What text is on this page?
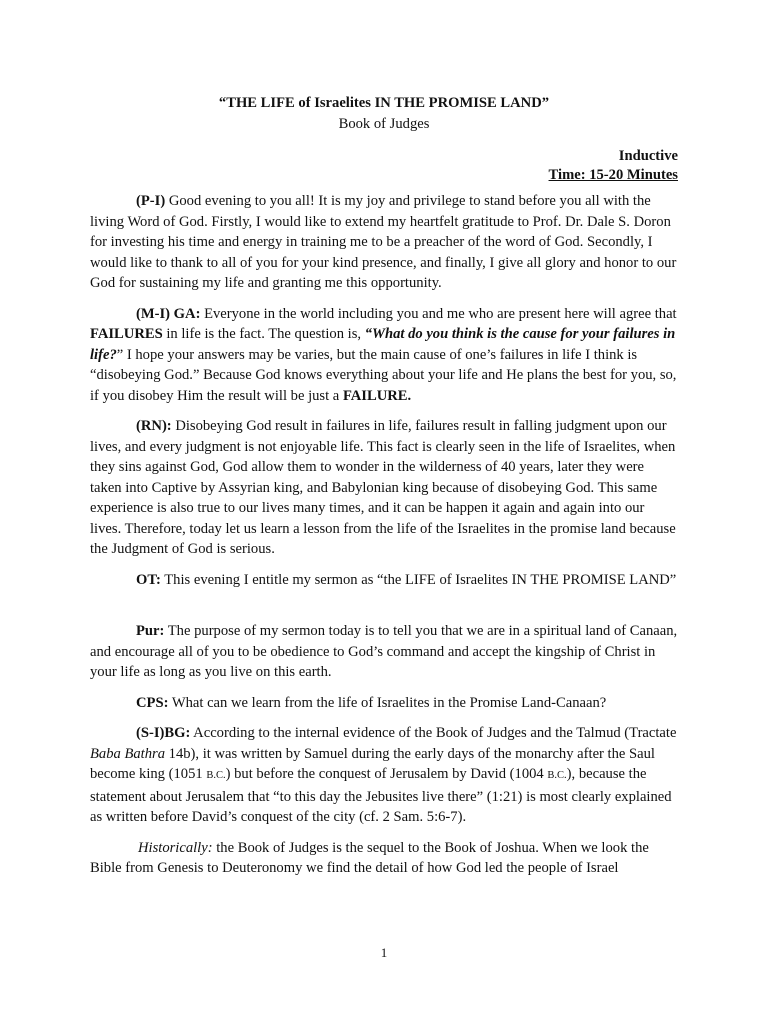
“THE LIFE of Israelites IN THE PROMISE LAND”
Book of Judges
Inductive
Time: 15-20 Minutes

(P-I) Good evening to you all! It is my joy and privilege to stand before you all with the living Word of God. Firstly, I would like to extend my heartfelt gratitude to Prof. Dr. Dale S. Doron for investing his time and energy in training me to be a preacher of the word of God. Secondly, I would like to thank to all of you for your kind presence, and finally, I give all glory and honor to our God for sustaining my life and granting me this opportunity.

(M-I) GA: Everyone in the world including you and me who are present here will agree that FAILURES in life is the fact. The question is, “What do you think is the cause for your failures in life?” I hope your answers may be varies, but the main cause of one’s failures in life I think is “disobeying God.” Because God knows everything about your life and He plans the best for you, so, if you disobey Him the result will be just a FAILURE.

(RN): Disobeying God result in failures in life, failures result in falling judgment upon our lives, and every judgment is not enjoyable life. This fact is clearly seen in the life of Israelites, when they sins against God, God allow them to wonder in the wilderness of 40 years, later they were taken into Captive by Assyrian king, and Babylonian king because of disobeying God. This same experience is also true to our lives many times, and it can be happen it again and again into our lives. Therefore, today let us learn a lesson from the life of the Israelites in the promise land because the Judgment of God is serious.

OT: This evening I entitle my sermon as “the LIFE of Israelites IN THE PROMISE LAND”

Pur: The purpose of my sermon today is to tell you that we are in a spiritual land of Canaan, and encourage all of you to be obedience to God’s command and accept the kingship of Christ in your life as long as you live on this earth.

CPS: What can we learn from the life of Israelites in the Promise Land-Canaan?

(S-I)BG: According to the internal evidence of the Book of Judges and the Talmud (Tractate Baba Bathra 14b), it was written by Samuel during the early days of the monarchy after the Saul become king (1051 B.C.) but before the conquest of Jerusalem by David (1004 B.C.), because the statement about Jerusalem that “to this day the Jebusites live there” (1:21) is most clearly explained as written before David’s conquest of the city (cf. 2 Sam. 5:6-7).

Historically: the Book of Judges is the sequel to the Book of Joshua. When we look the Bible from Genesis to Deuteronomy we find the detail of how God led the people of Israel

1
